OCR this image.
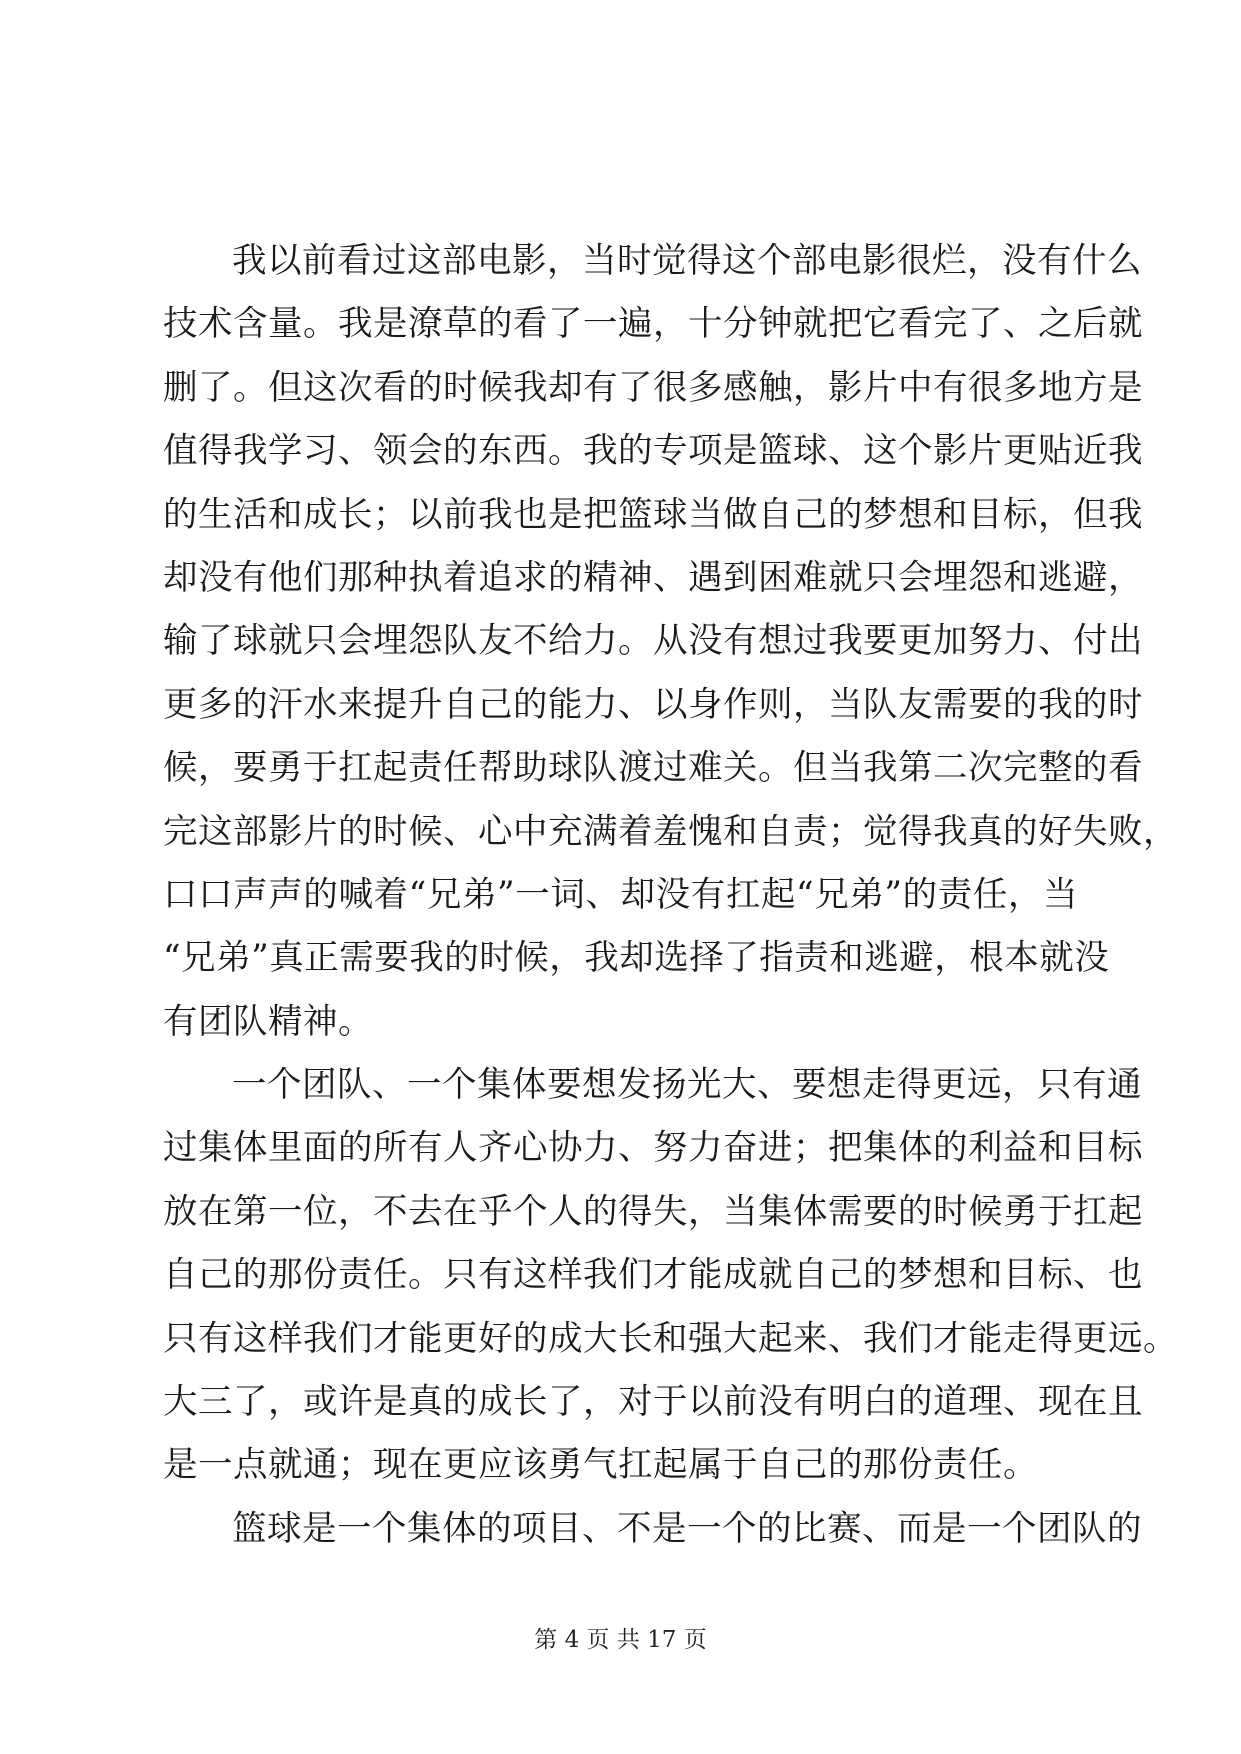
我以前看过这部电影，当时觉得这个部电影很烂，没有什么
技术含量。我是潦草的看了一遍，十分钟就把它看完了、之后就
删了。但这次看的时候我却有了很多感触，影片中有很多地方是
值得我学习、领会的东西。我的专项是篮球、这个影片更贴近我
的生活和成长；以前我也是把篮球当做自己的梦想和目标，但我
却没有他们那种执着追求的精神、遇到困难就只会埋怨和逃避，
输了球就只会埋怨队友不给力。从没有想过我要更加努力、付出
更多的汗水来提升自己的能力、以身作则，当队友需要的我的时
候，要勇于扛起责任帮助球队渡过难关。但当我第二次完整的看
完这部影片的时候、心中充满着羞愧和自责；觉得我真的好失败，
口口声声的喊着“兄弟”一词、却没有扛起“兄弟”的责任，当
“兄弟”真正需要我的时候，我却选择了指责和逃避，根本就没
有团队精神。
一个团队、一个集体要想发扬光大、要想走得更远，只有通
过集体里面的所有人齐心协力、努力奋进；把集体的利益和目标
放在第一位，不去在乎个人的得失，当集体需要的时候勇于扛起
自己的那份责任。只有这样我们才能成就自己的梦想和目标、也
只有这样我们才能更好的成大长和强大起来、我们才能走得更远。
大三了，或许是真的成长了，对于以前没有明白的道理、现在且
是一点就通；现在更应该勇气扛起属于自己的那份责任。
篮球是一个集体的项目、不是一个的比赛、而是一个团队的
第 4 页 共 17 页
